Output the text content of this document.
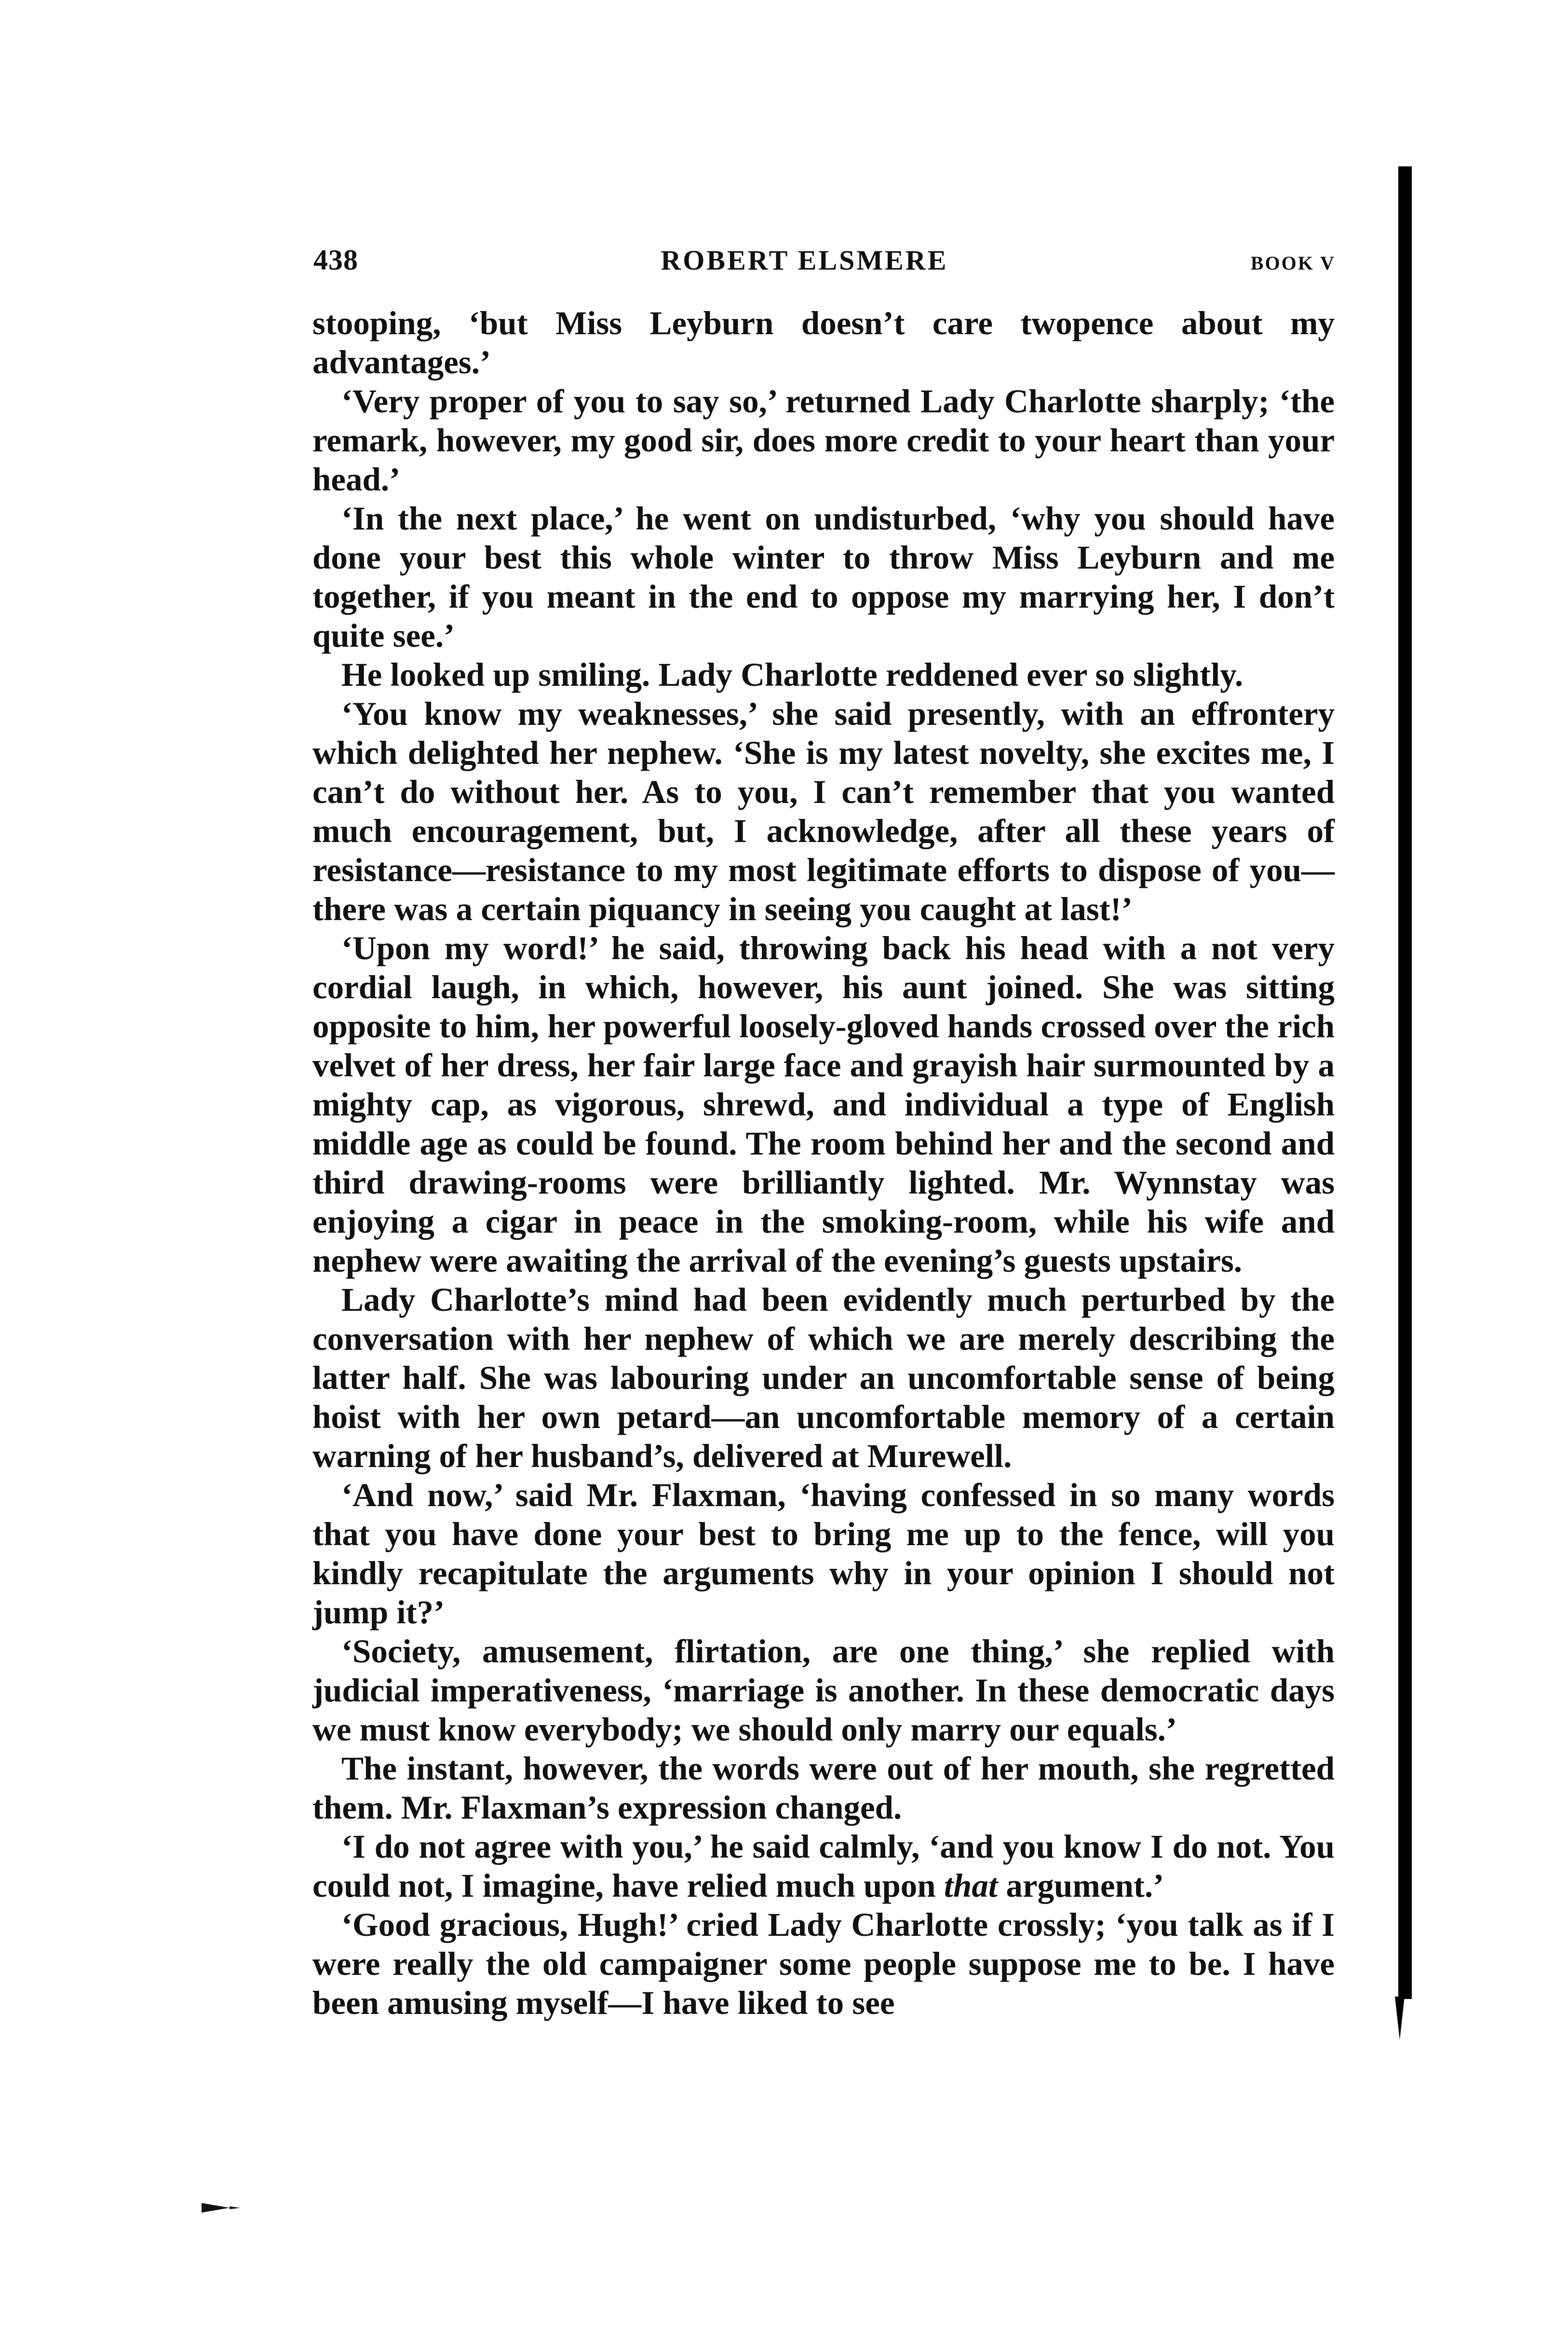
438	ROBERT ELSMERE	BOOK V

stooping, ‘but Miss Leyburn doesn’t care twopence about my advantages.’

‘Very proper of you to say so,’ returned Lady Charlotte sharply; ‘the remark, however, my good sir, does more credit to your heart than your head.’

‘In the next place,’ he went on undisturbed, ‘why you should have done your best this whole winter to throw Miss Leyburn and me together, if you meant in the end to oppose my marrying her, I don’t quite see.’

He looked up smiling. Lady Charlotte reddened ever so slightly.

‘You know my weaknesses,’ she said presently, with an effrontery which delighted her nephew. ‘She is my latest novelty, she excites me, I can’t do without her. As to you, I can’t remember that you wanted much encouragement, but, I acknowledge, after all these years of resistance—resistance to my most legitimate efforts to dispose of you—there was a certain piquancy in seeing you caught at last!’

‘Upon my word!’ he said, throwing back his head with a not very cordial laugh, in which, however, his aunt joined. She was sitting opposite to him, her powerful loosely-gloved hands crossed over the rich velvet of her dress, her fair large face and grayish hair surmounted by a mighty cap, as vigorous, shrewd, and individual a type of English middle age as could be found. The room behind her and the second and third drawing-rooms were brilliantly lighted. Mr. Wynnstay was enjoying a cigar in peace in the smoking-room, while his wife and nephew were awaiting the arrival of the evening’s guests upstairs.

Lady Charlotte’s mind had been evidently much perturbed by the conversation with her nephew of which we are merely describing the latter half. She was labouring under an uncomfortable sense of being hoist with her own petard—an uncomfortable memory of a certain warning of her husband’s, delivered at Murewell.

‘And now,’ said Mr. Flaxman, ‘having confessed in so many words that you have done your best to bring me up to the fence, will you kindly recapitulate the arguments why in your opinion I should not jump it?’

‘Society, amusement, flirtation, are one thing,’ she replied with judicial imperativeness, ‘marriage is another. In these democratic days we must know everybody; we should only marry our equals.’

The instant, however, the words were out of her mouth, she regretted them. Mr. Flaxman’s expression changed.

‘I do not agree with you,’ he said calmly, ‘and you know I do not. You could not, I imagine, have relied much upon that argument.’

‘Good gracious, Hugh!’ cried Lady Charlotte crossly; ‘you talk as if I were really the old campaigner some people suppose me to be. I have been amusing myself—I have liked to see
